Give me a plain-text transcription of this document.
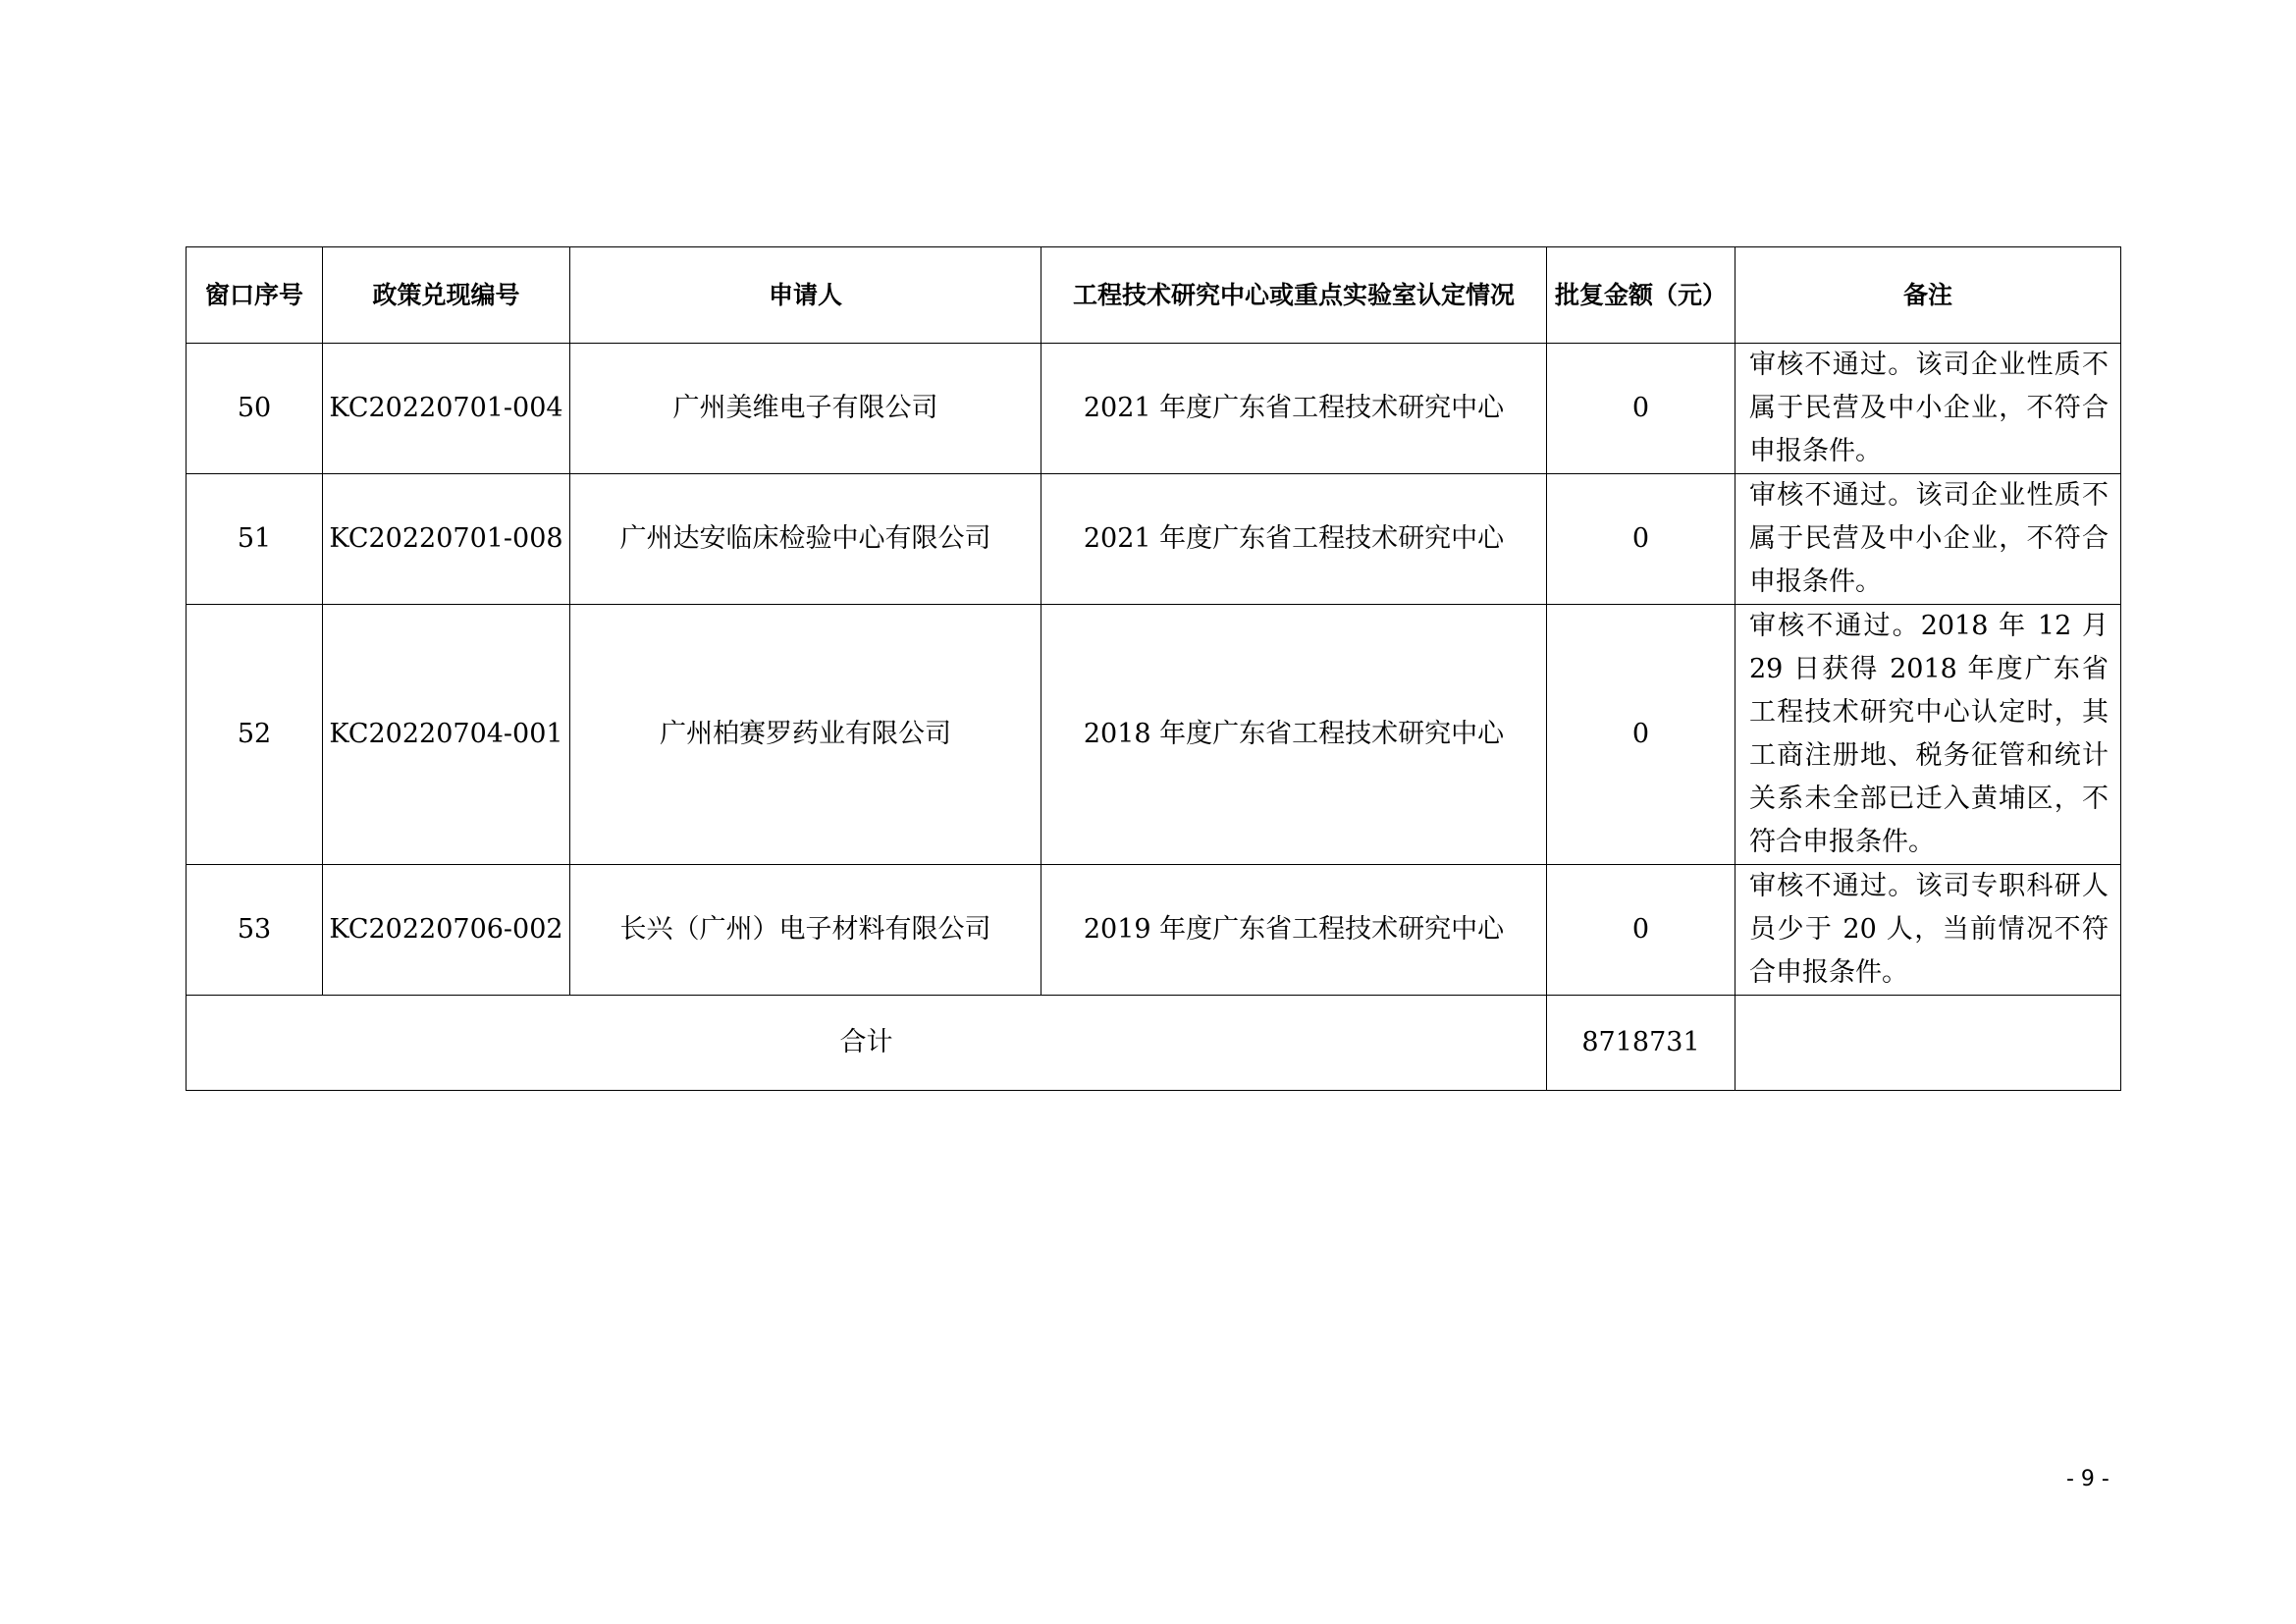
窗口序号	政策兑现编号	申请人	工程技术研究中心或重点实验室认定情况	批复金额（元）	备注
50	KC20220701-004	广州美维电子有限公司	2021 年度广东省工程技术研究中心	0	审核不通过。该司企业性质不属于民营及中小企业，不符合申报条件。
51	KC20220701-008	广州达安临床检验中心有限公司	2021 年度广东省工程技术研究中心	0	审核不通过。该司企业性质不属于民营及中小企业，不符合申报条件。
52	KC20220704-001	广州柏赛罗药业有限公司	2018 年度广东省工程技术研究中心	0	审核不通过。2018 年 12 月 29 日获得 2018 年度广东省工程技术研究中心认定时，其工商注册地、税务征管和统计关系未全部已迁入黄埔区，不符合申报条件。
53	KC20220706-002	长兴（广州）电子材料有限公司	2019 年度广东省工程技术研究中心	0	审核不通过。该司专职科研人员少于 20 人，当前情况不符合申报条件。
合计				8718731	
- 9 -
